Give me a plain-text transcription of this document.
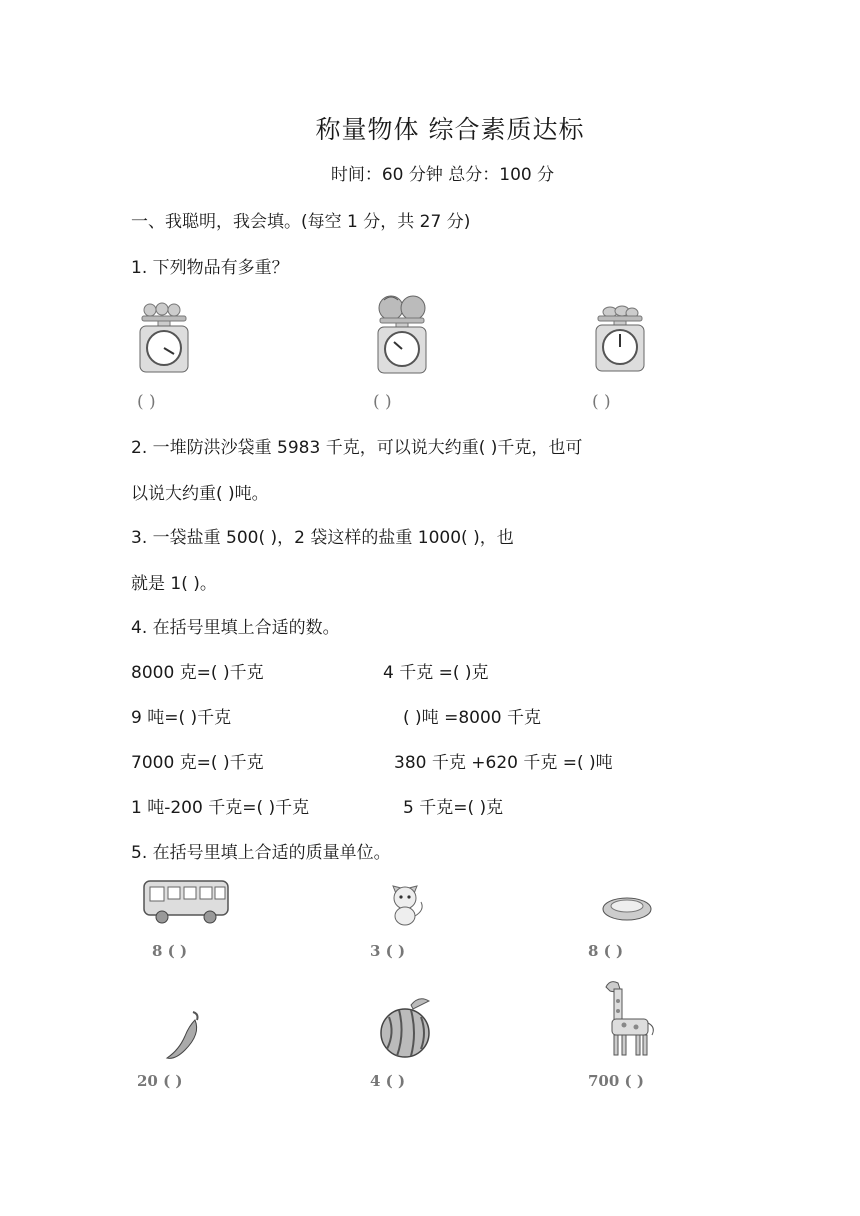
称量物体 综合素质达标
时间：60 分钟 总分：100 分
一、我聪明，我会填。(每空 1 分，共 27 分)
1. 下列物品有多重？
( )	( )	( )
2. 一堆防洪沙袋重 5983 千克，可以说大约重( )千克，也可
以说大约重( )吨。
3. 一袋盐重 500( )，2 袋这样的盐重 1000( )，也
就是 1( )。
4. 在括号里填上合适的数。
8000 克=( )千克	4 千克 =( )克
9 吨=( )千克	( )吨 =8000 千克
7000 克=( )千克	380 千克 +620 千克 =( )吨
1 吨-200 千克=( )千克	5 千克=( )克
5. 在括号里填上合适的质量单位。
8 ( )	3 ( )	8 ( )
20 ( )	4 ( )	700 ( )
